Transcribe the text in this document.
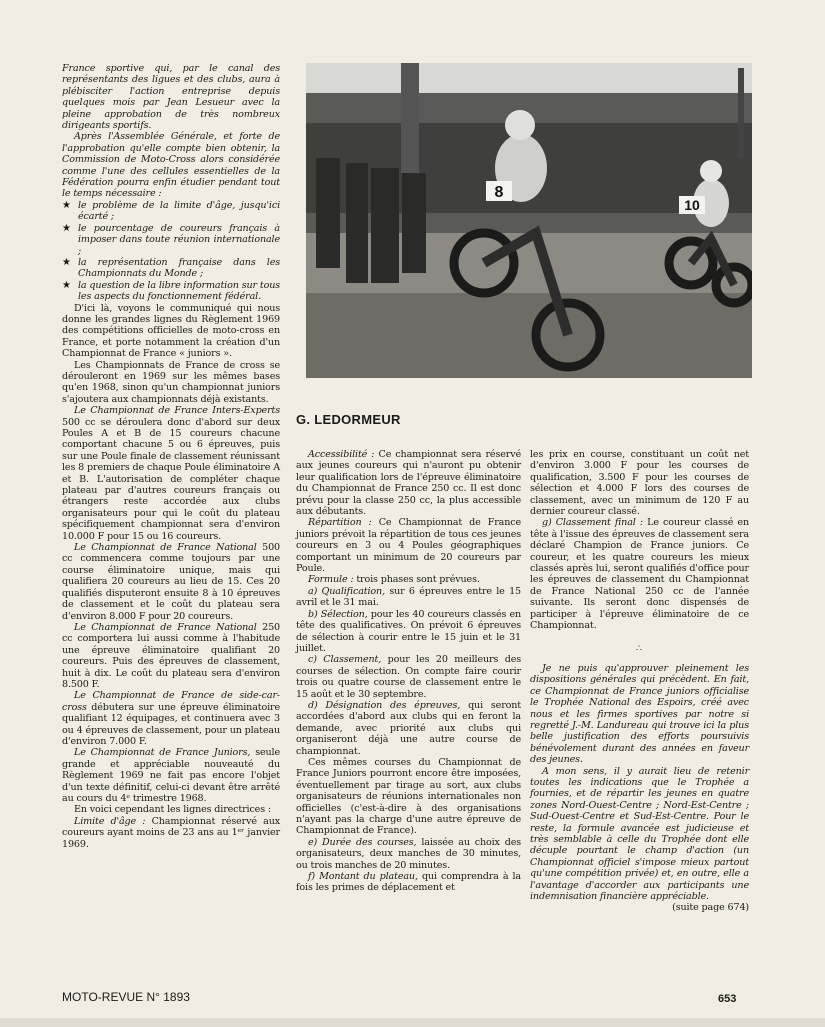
France sportive qui, par le canal des représentants des ligues et des clubs, aura à plébisciter l'action entreprise depuis quelques mois par Jean Lesueur avec la pleine approbation de très nombreux dirigeants sportifs.

Après l'Assemblée Générale, et forte de l'approbation qu'elle compte bien obtenir, la Commission de Moto-Cross alors considérée comme l'une des cellules essentielles de la Fédération pourra enfin étudier pendant tout le temps nécessaire :

★ le problème de la limite d'âge, jusqu'ici écarté ;
★ le pourcentage de coureurs français à imposer dans toute réunion internationale ;
★ la représentation française dans les Championnats du Monde ;
★ la question de la libre information sur tous les aspects du fonctionnement fédéral.

D'ici là, voyons le communiqué qui nous donne les grandes lignes du Règlement 1969 des compétitions officielles de moto-cross en France, et porte notamment la création d'un Championnat de France « juniors ».

Les Championnats de France de cross se dérouleront en 1969 sur les mêmes bases qu'en 1968, sinon qu'un championnat juniors s'ajoutera aux championnats déjà existants.

Le Championnat de France Inters-Experts 500 cc se déroulera donc d'abord sur deux Poules A et B de 15 coureurs chacune comportant chacune 5 ou 6 épreuves, puis sur une Poule finale de classement réunissant les 8 premiers de chaque Poule éliminatoire A et B. L'autorisation de compléter chaque plateau par d'autres coureurs français ou étrangers reste accordée aux clubs organisateurs pour qui le coût du plateau spécifiquement championnat sera d'environ 10.000 F pour 15 ou 16 coureurs.

Le Championnat de France National 500 cc commencera comme toujours par une course éliminatoire unique, mais qui qualifiera 20 coureurs au lieu de 15. Ces 20 qualifiés disputeront ensuite 8 à 10 épreuves de classement et le coût du plateau sera d'environ 8.000 F pour 20 coureurs.

Le Championnat de France National 250 cc comportera lui aussi comme à l'habitude une épreuve éliminatoire qualifiant 20 coureurs. Puis des épreuves de classement, huit à dix. Le coût du plateau sera d'environ 8.500 F.

Le Championnat de France de side-car-cross débutera sur une épreuve éliminatoire qualifiant 12 équipages, et continuera avec 3 ou 4 épreuves de classement, pour un plateau d'environ 7.000 F.

Le Championnat de France Juniors, seule grande et appréciable nouveauté du Règlement 1969 ne fait pas encore l'objet d'un texte définitif, celui-ci devant être arrêté au cours du 4ᵉ trimestre 1968.

En voici cependant les lignes directrices :

Limite d'âge : Championnat réservé aux coureurs ayant moins de 23 ans au 1ᵉʳ janvier 1969.

8
10
G. LEDORMEUR

Accessibilité : Ce championnat sera réservé aux jeunes coureurs qui n'auront pu obtenir leur qualification lors de l'épreuve éliminatoire du Championnat de France 250 cc. Il est donc prévu pour la classe 250 cc, la plus accessible aux débutants.

Répartition : Ce Championnat de France juniors prévoit la répartition de tous ces jeunes coureurs en 3 ou 4 Poules géographiques comportant un minimum de 20 coureurs par Poule.

Formule : trois phases sont prévues.

a) Qualification, sur 6 épreuves entre le 15 avril et le 31 mai.

b) Sélection, pour les 40 coureurs classés en tête des qualificatives. On prévoit 6 épreuves de sélection à courir entre le 15 juin et le 31 juillet.

c) Classement, pour les 20 meilleurs des courses de sélection. On compte faire courir trois ou quatre course de classement entre le 15 août et le 30 septembre.

d) Désignation des épreuves, qui seront accordées d'abord aux clubs qui en feront la demande, avec priorité aux clubs qui organiseront déjà une autre course de championnat.

Ces mêmes courses du Championnat de France Juniors pourront encore être imposées, éventuellement par tirage au sort, aux clubs organisateurs de réunions internationales non officielles (c'est-à-dire à des organisations n'ayant pas la charge d'une autre épreuve de Championnat de France).

e) Durée des courses, laissée au choix des organisateurs, deux manches de 30 minutes, ou trois manches de 20 minutes.

f) Montant du plateau, qui comprendra à la fois les primes de déplacement et

les prix en course, constituant un coût net d'environ 3.000 F pour les courses de qualification, 3.500 F pour les courses de sélection et 4.000 F lors des courses de classement, avec un minimum de 120 F au dernier coureur classé.

g) Classement final : Le coureur classé en tête à l'issue des épreuves de classement sera déclaré Champion de France juniors. Ce coureur, et les quatre coureurs les mieux classés après lui, seront qualifiés d'office pour les épreuves de classement du Championnat de France National 250 cc de l'année suivante. Ils seront donc dispensés de participer à l'épreuve éliminatoire de ce Championnat.

∴

Je ne puis qu'approuver pleinement les dispositions générales qui précèdent. En fait, ce Championnat de France juniors officialise le Trophée National des Espoirs, créé avec nous et les firmes sportives par notre si regretté J.-M. Landureau qui trouve ici la plus belle justification des efforts poursuivis bénévolement durant des années en faveur des jeunes.

A mon sens, il y aurait lieu de retenir toutes les indications que le Trophée a fournies, et de répartir les jeunes en quatre zones Nord-Ouest-Centre ; Nord-Est-Centre ; Sud-Ouest-Centre et Sud-Est-Centre. Pour le reste, la formule avancée est judicieuse et très semblable à celle du Trophée dont elle décuple pourtant le champ d'action (un Championnat officiel s'impose mieux partout qu'une compétition privée) et, en outre, elle a l'avantage d'accorder aux participants une indemnisation financière appréciable.

(suite page 674)

MOTO-REVUE N° 1893	653
